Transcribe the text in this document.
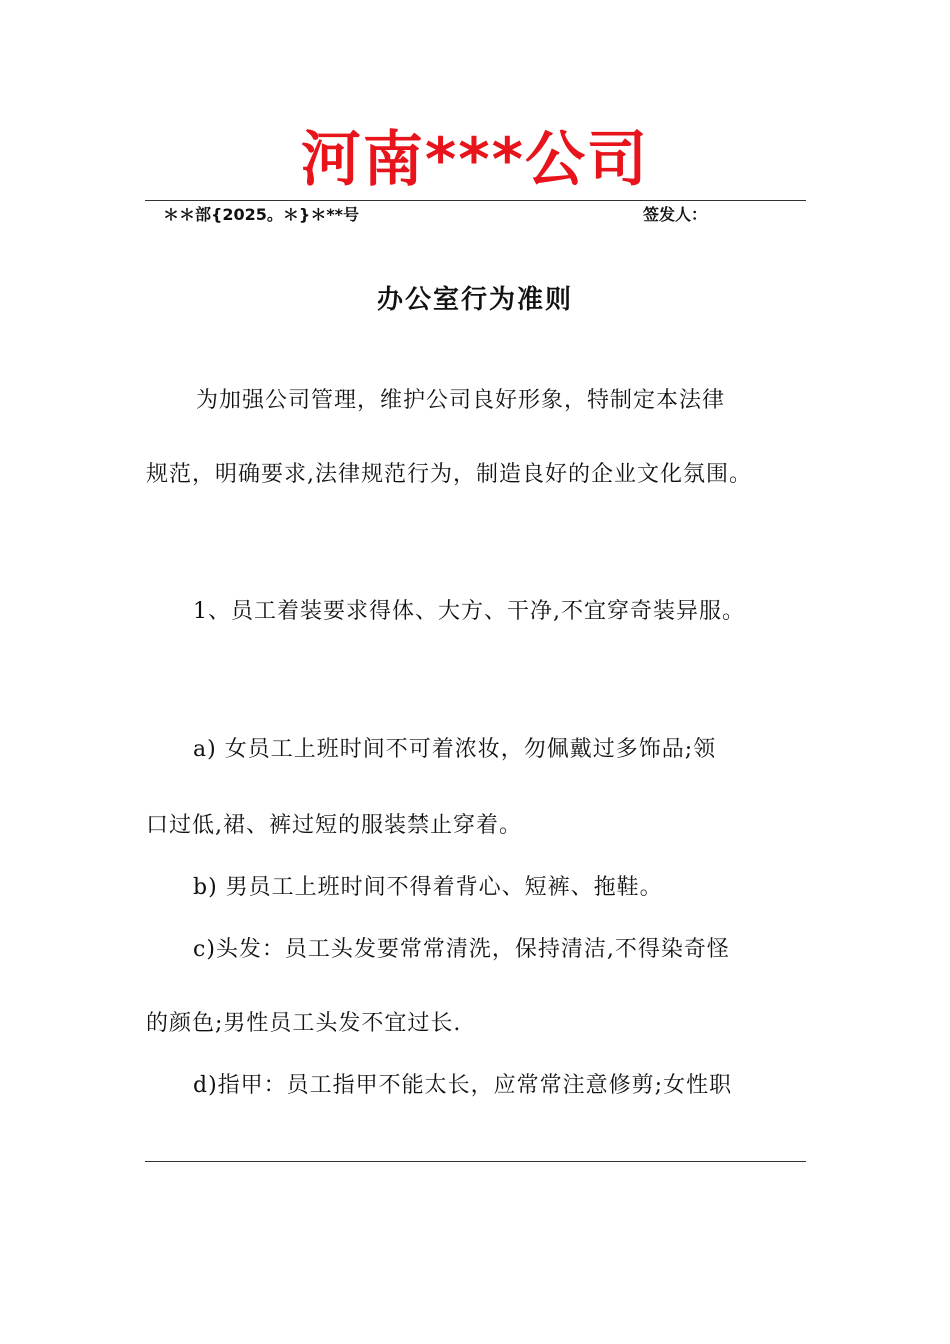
河南***公司
＊＊部{2025。＊}＊**号	签发人：
办公室行为准则
为加强公司管理，维护公司良好形象，特制定本法律
规范，明确要求,法律规范行为，制造良好的企业文化氛围。
1、员工着装要求得体、大方、干净,不宜穿奇装异服。
a) 女员工上班时间不可着浓妆，勿佩戴过多饰品;领
口过低,裙、裤过短的服装禁止穿着。
b) 男员工上班时间不得着背心、短裤、拖鞋。
c)头发：员工头发要常常清洗，保持清洁,不得染奇怪
的颜色;男性员工头发不宜过长.
d)指甲：员工指甲不能太长，应常常注意修剪;女性职
